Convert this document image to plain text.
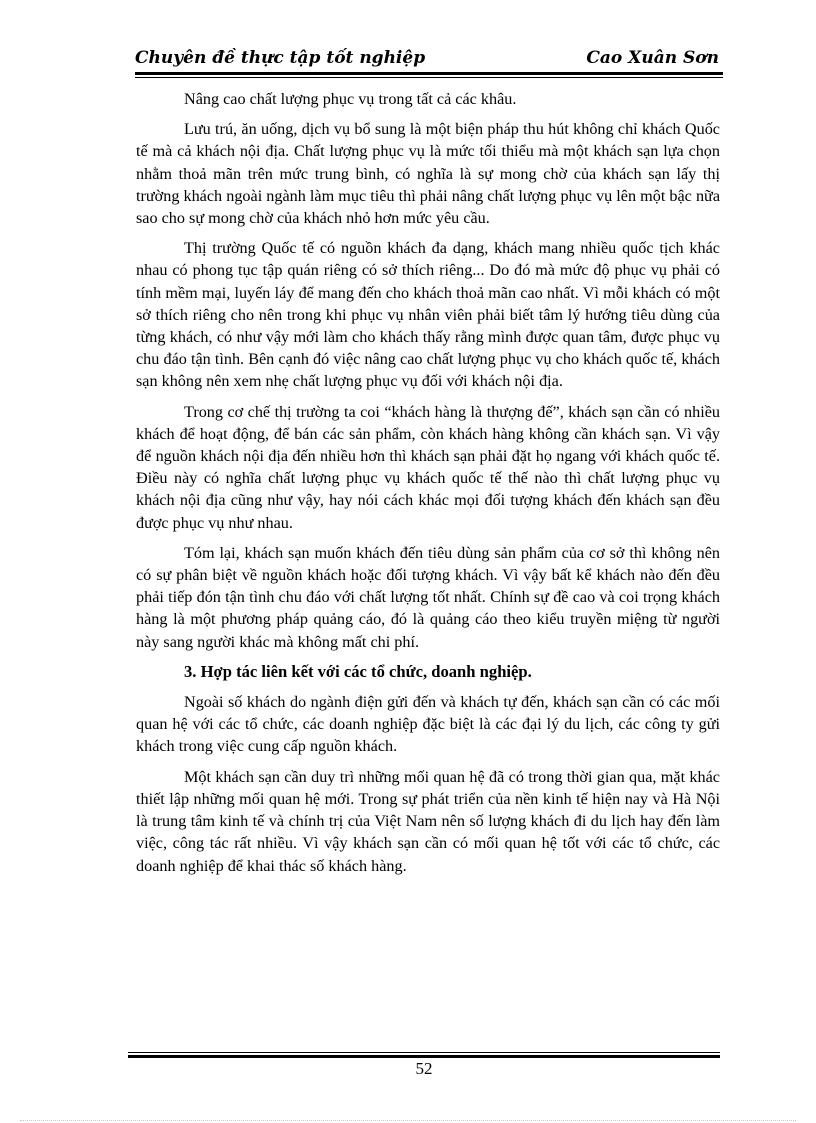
Chuyên đề thực tập tốt nghiệp	Cao Xuân Sơn

Nâng cao chất lượng phục vụ trong tất cả các khâu.

Lưu trú, ăn uống, dịch vụ bổ sung là một biện pháp thu hút không chỉ khách Quốc tế mà cả khách nội địa. Chất lượng phục vụ là mức tối thiểu mà một khách sạn lựa chọn nhằm thoả mãn trên mức trung bình, có nghĩa là sự mong chờ của khách sạn lấy thị trường khách ngoài ngành làm mục tiêu thì phải nâng chất lượng phục vụ lên một bậc nữa sao cho sự mong chờ của khách nhỏ hơn mức yêu cầu.

Thị trường Quốc tế có nguồn khách đa dạng, khách mang nhiều quốc tịch khác nhau có phong tục tập quán riêng có sở thích riêng... Do đó mà mức độ phục vụ phải có tính mềm mại, luyến láy để mang đến cho khách thoả mãn cao nhất. Vì mỗi khách có một sở thích riêng cho nên trong khi phục vụ nhân viên phải biết tâm lý hướng tiêu dùng của từng khách, có như vậy mới làm cho khách thấy rằng mình được quan tâm, được phục vụ chu đáo tận tình. Bên cạnh đó việc nâng cao chất lượng phục vụ cho khách quốc tế, khách sạn không nên xem nhẹ chất lượng phục vụ đối với khách nội địa.

Trong cơ chế thị trường ta coi “khách hàng là thượng đế”, khách sạn cần có nhiều khách để hoạt động, để bán các sản phẩm, còn khách hàng không cần khách sạn. Vì vậy để nguồn khách nội địa đến nhiều hơn thì khách sạn phải đặt họ ngang với khách quốc tế. Điều này có nghĩa chất lượng phục vụ khách quốc tế thế nào thì chất lượng phục vụ khách nội địa cũng như vậy, hay nói cách khác mọi đối tượng khách đến khách sạn đều được phục vụ như nhau.

Tóm lại, khách sạn muốn khách đến tiêu dùng sản phẩm của cơ sở thì không nên có sự phân biệt về nguồn khách hoặc đối tượng khách. Vì vậy bất kể khách nào đến đều phải tiếp đón tận tình chu đáo với chất lượng tốt nhất. Chính sự đề cao và coi trọng khách hàng là một phương pháp quảng cáo, đó là quảng cáo theo kiểu truyền miệng từ người này sang người khác mà không mất chi phí.

3. Hợp tác liên kết với các tổ chức, doanh nghiệp.

Ngoài số khách do ngành điện gửi đến và khách tự đến, khách sạn cần có các mối quan hệ với các tổ chức, các doanh nghiệp đặc biệt là các đại lý du lịch, các công ty gửi khách trong việc cung cấp nguồn khách.

Một khách sạn cần duy trì những mối quan hệ đã có trong thời gian qua, mặt khác thiết lập những mối quan hệ mới. Trong sự phát triển của nền kinh tế hiện nay và Hà Nội là trung tâm kinh tế và chính trị của Việt Nam nên số lượng khách đi du lịch hay đến làm việc, công tác rất nhiều. Vì vậy khách sạn cần có mối quan hệ tốt với các tổ chức, các doanh nghiệp để khai thác số khách hàng.

52
